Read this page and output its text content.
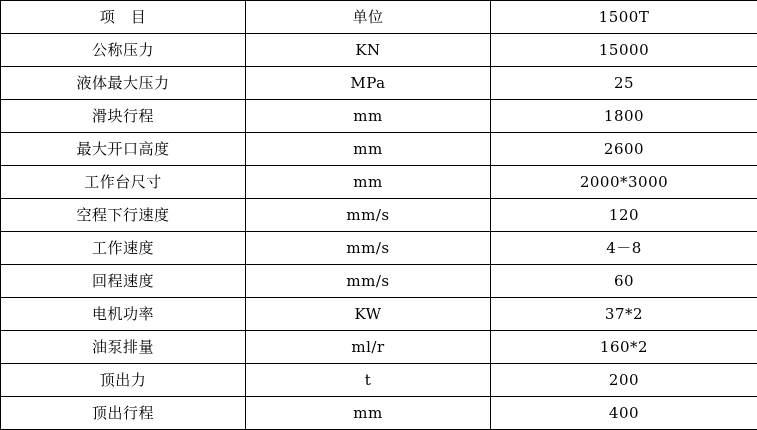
项　目	单位	1500T
公称压力	KN	15000
液体最大压力	MPa	25
滑块行程	mm	1800
最大开口高度	mm	2600
工作台尺寸	mm	2000*3000
空程下行速度	mm/s	120
工作速度	mm/s	4－8
回程速度	mm/s	60
电机功率	KW	37*2
油泵排量	ml/r	160*2
顶出力	t	200
顶出行程	mm	400
